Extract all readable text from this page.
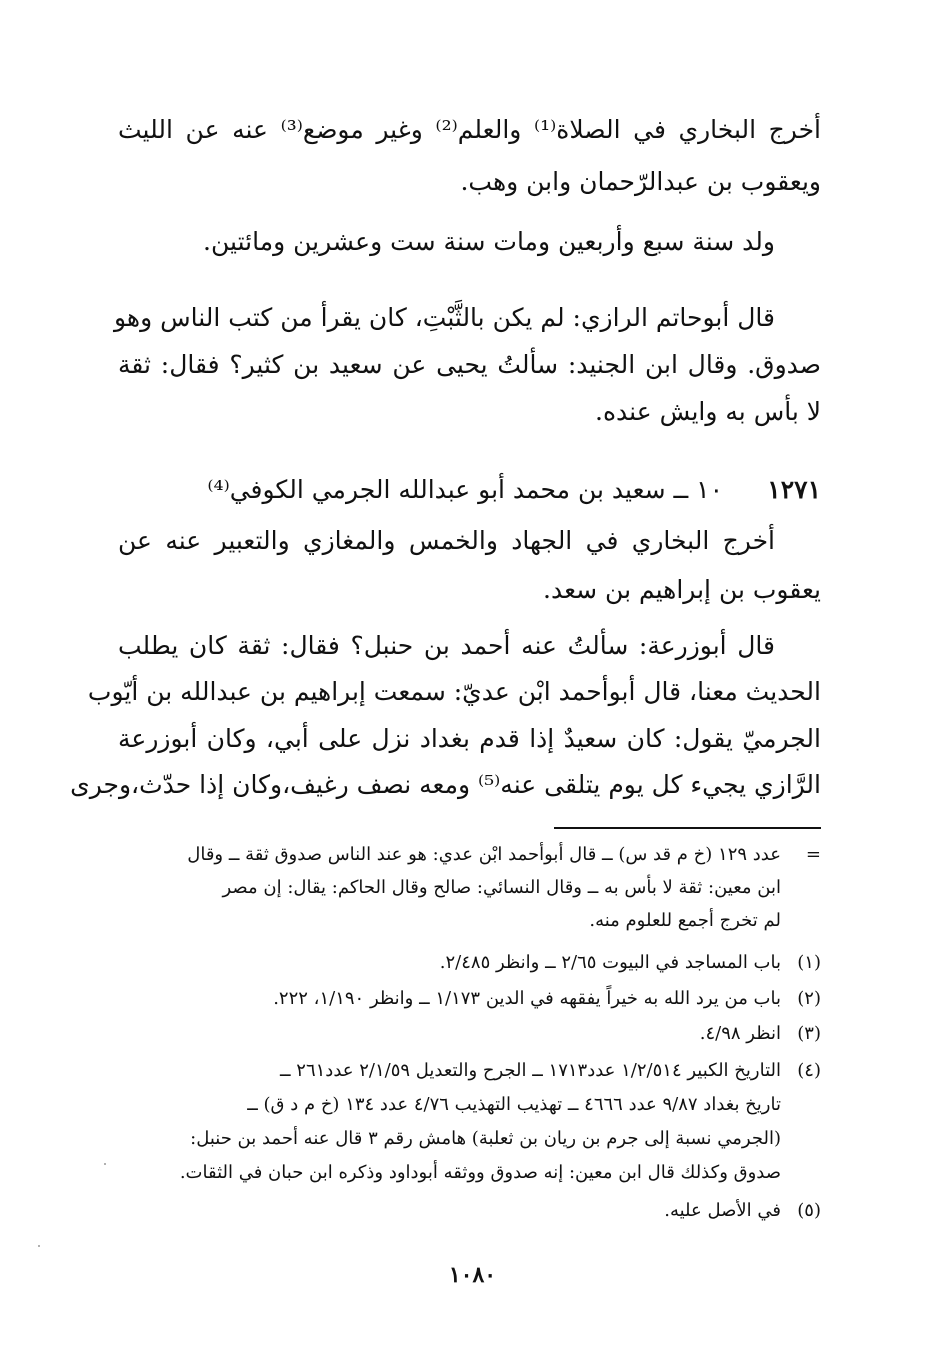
أخرج البخاري في الصلاة⁽¹⁾ والعلم⁽²⁾ وغير موضع⁽³⁾ عنه عن الليث
ويعقوب بن عبدالرّحمان وابن وهب.
ولد سنة سبع وأربعين ومات سنة ست وعشرين ومائتين.
قال أبوحاتم الرازي: لم يكن بالثَّبْتِ، كان يقرأ من كتب الناس وهو
صدوق. وقال ابن الجنيد: سألتُ يحيى عن سعيد بن كثير؟ فقال: ثقة
لا بأس به وايش عنده.
١٢٧١
١٠ ــ سعيد بن محمد أبو عبدالله الجرمي الكوفي⁽⁴⁾
أخرج البخاري في الجهاد والخمس والمغازي والتعبير عنه عن
يعقوب بن إبراهيم بن سعد.
قال أبوزرعة: سألتُ عنه أحمد بن حنبل؟ فقال: ثقة كان يطلب
الحديث معنا، قال أبوأحمد ابْن عديّ: سمعت إبراهيم بن عبدالله بن أيّوب
الجرميّ يقول: كان سعيدٌ إذا قدم بغداد نزل على أبي، وكان أبوزرعة
الرَّازي يجيء كل يوم يتلقى عنه⁽⁵⁾ ومعه نصف رغيف،وكان إذا حدّث،وجرى
=عدد ١٢٩ (خ م قد س) ــ قال أبوأحمد ابْن عدي: هو عند الناس صدوق ثقة ــ وقال
ابن معين: ثقة لا بأس به ــ وقال النسائي: صالح وقال الحاكم: يقال: إن مصر
لم تخرج أجمع للعلوم منه.
(١)باب المساجد في البيوت ٢/٦٥ ــ وانظر ٢/٤٨٥.
(٢)باب من يرد الله به خيراً يفقهه في الدين ١/١٧٣ ــ وانظر ١/١٩٠، ٢٢٢.
(٣)انظر ٤/٩٨.
(٤)التاريخ الكبير ١/٢/٥١٤ عدد١٧١٣ ــ الجرح والتعديل ٢/١/٥٩ عدد٢٦١ ــ
تاريخ بغداد ٩/٨٧ عدد ٤٦٦٦ ــ تهذيب التهذيب ٤/٧٦ عدد ١٣٤ (خ م د ق) ــ
(الجرمي نسبة إلى جرم بن ريان بن ثعلبة) هامش رقم ٣ قال عنه أحمد بن حنبل:
صدوق وكذلك قال ابن معين: إنه صدوق ووثقه أبوداود وذكره ابن حبان في الثقات.
(٥)في الأصل عليه.
١٠٨٠
